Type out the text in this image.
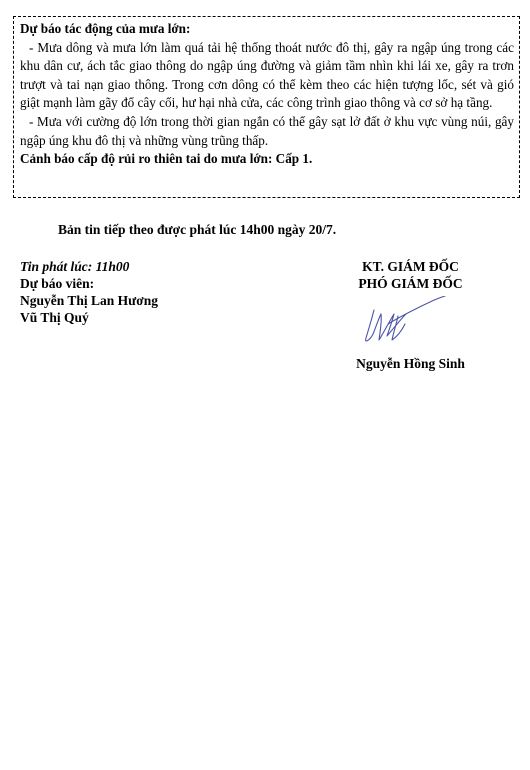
Dự báo tác động của mưa lớn:

- Mưa dông và mưa lớn làm quá tải hệ thống thoát nước đô thị, gây ra ngập úng trong các khu dân cư, ách tắc giao thông do ngập úng đường và giảm tầm nhìn khi lái xe, gây ra trơn trượt và tai nạn giao thông. Trong cơn dông có thể kèm theo các hiện tượng lốc, sét và gió giật mạnh làm gãy đổ cây cối, hư hại nhà cửa, các công trình giao thông và cơ sở hạ tầng.

- Mưa với cường độ lớn trong thời gian ngắn có thể gây sạt lở đất ở khu vực vùng núi, gây ngập úng khu đô thị và những vùng trũng thấp.

Cảnh báo cấp độ rủi ro thiên tai do mưa lớn: Cấp 1.

Bản tin tiếp theo được phát lúc 14h00 ngày 20/7.
Tin phát lúc: 11h00
Dự báo viên:
Nguyễn Thị Lan Hương
Vũ Thị Quý
KT. GIÁM ĐỐC
PHÓ GIÁM ĐỐC
Nguyễn Hồng Sinh
